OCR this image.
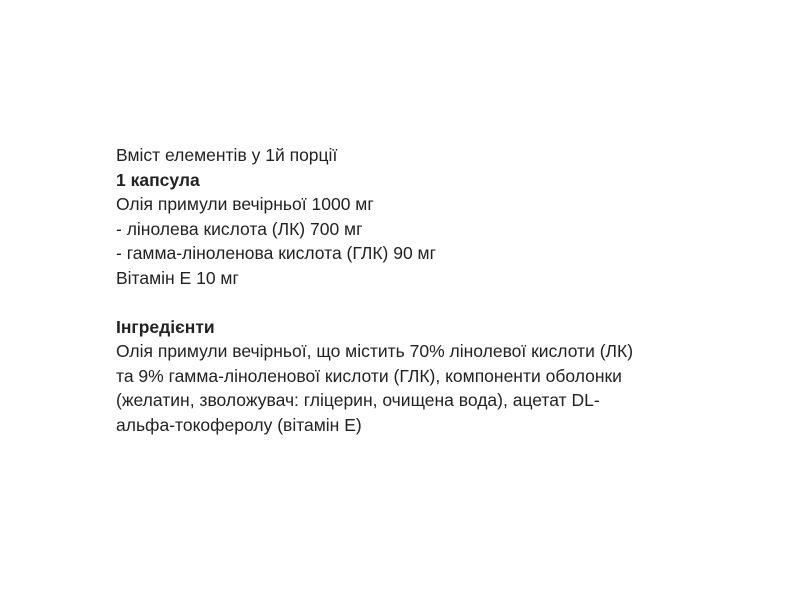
Вміст елементів у 1й порції
1 капсула
Олія примули вечірньої 1000 мг
- лінолева кислота (ЛК) 700 мг
- гамма-ліноленова кислота (ГЛК) 90 мг
Вітамін Е 10 мг
Інгредієнти
Олія примули вечірньої, що містить 70% лінолевої кислоти (ЛК)
та 9% гамма-ліноленової кислоти (ГЛК), компоненти оболонки
(желатин, зволожувач: гліцерин, очищена вода), ацетат DL-
альфа-токоферолу (вітамін Е)
